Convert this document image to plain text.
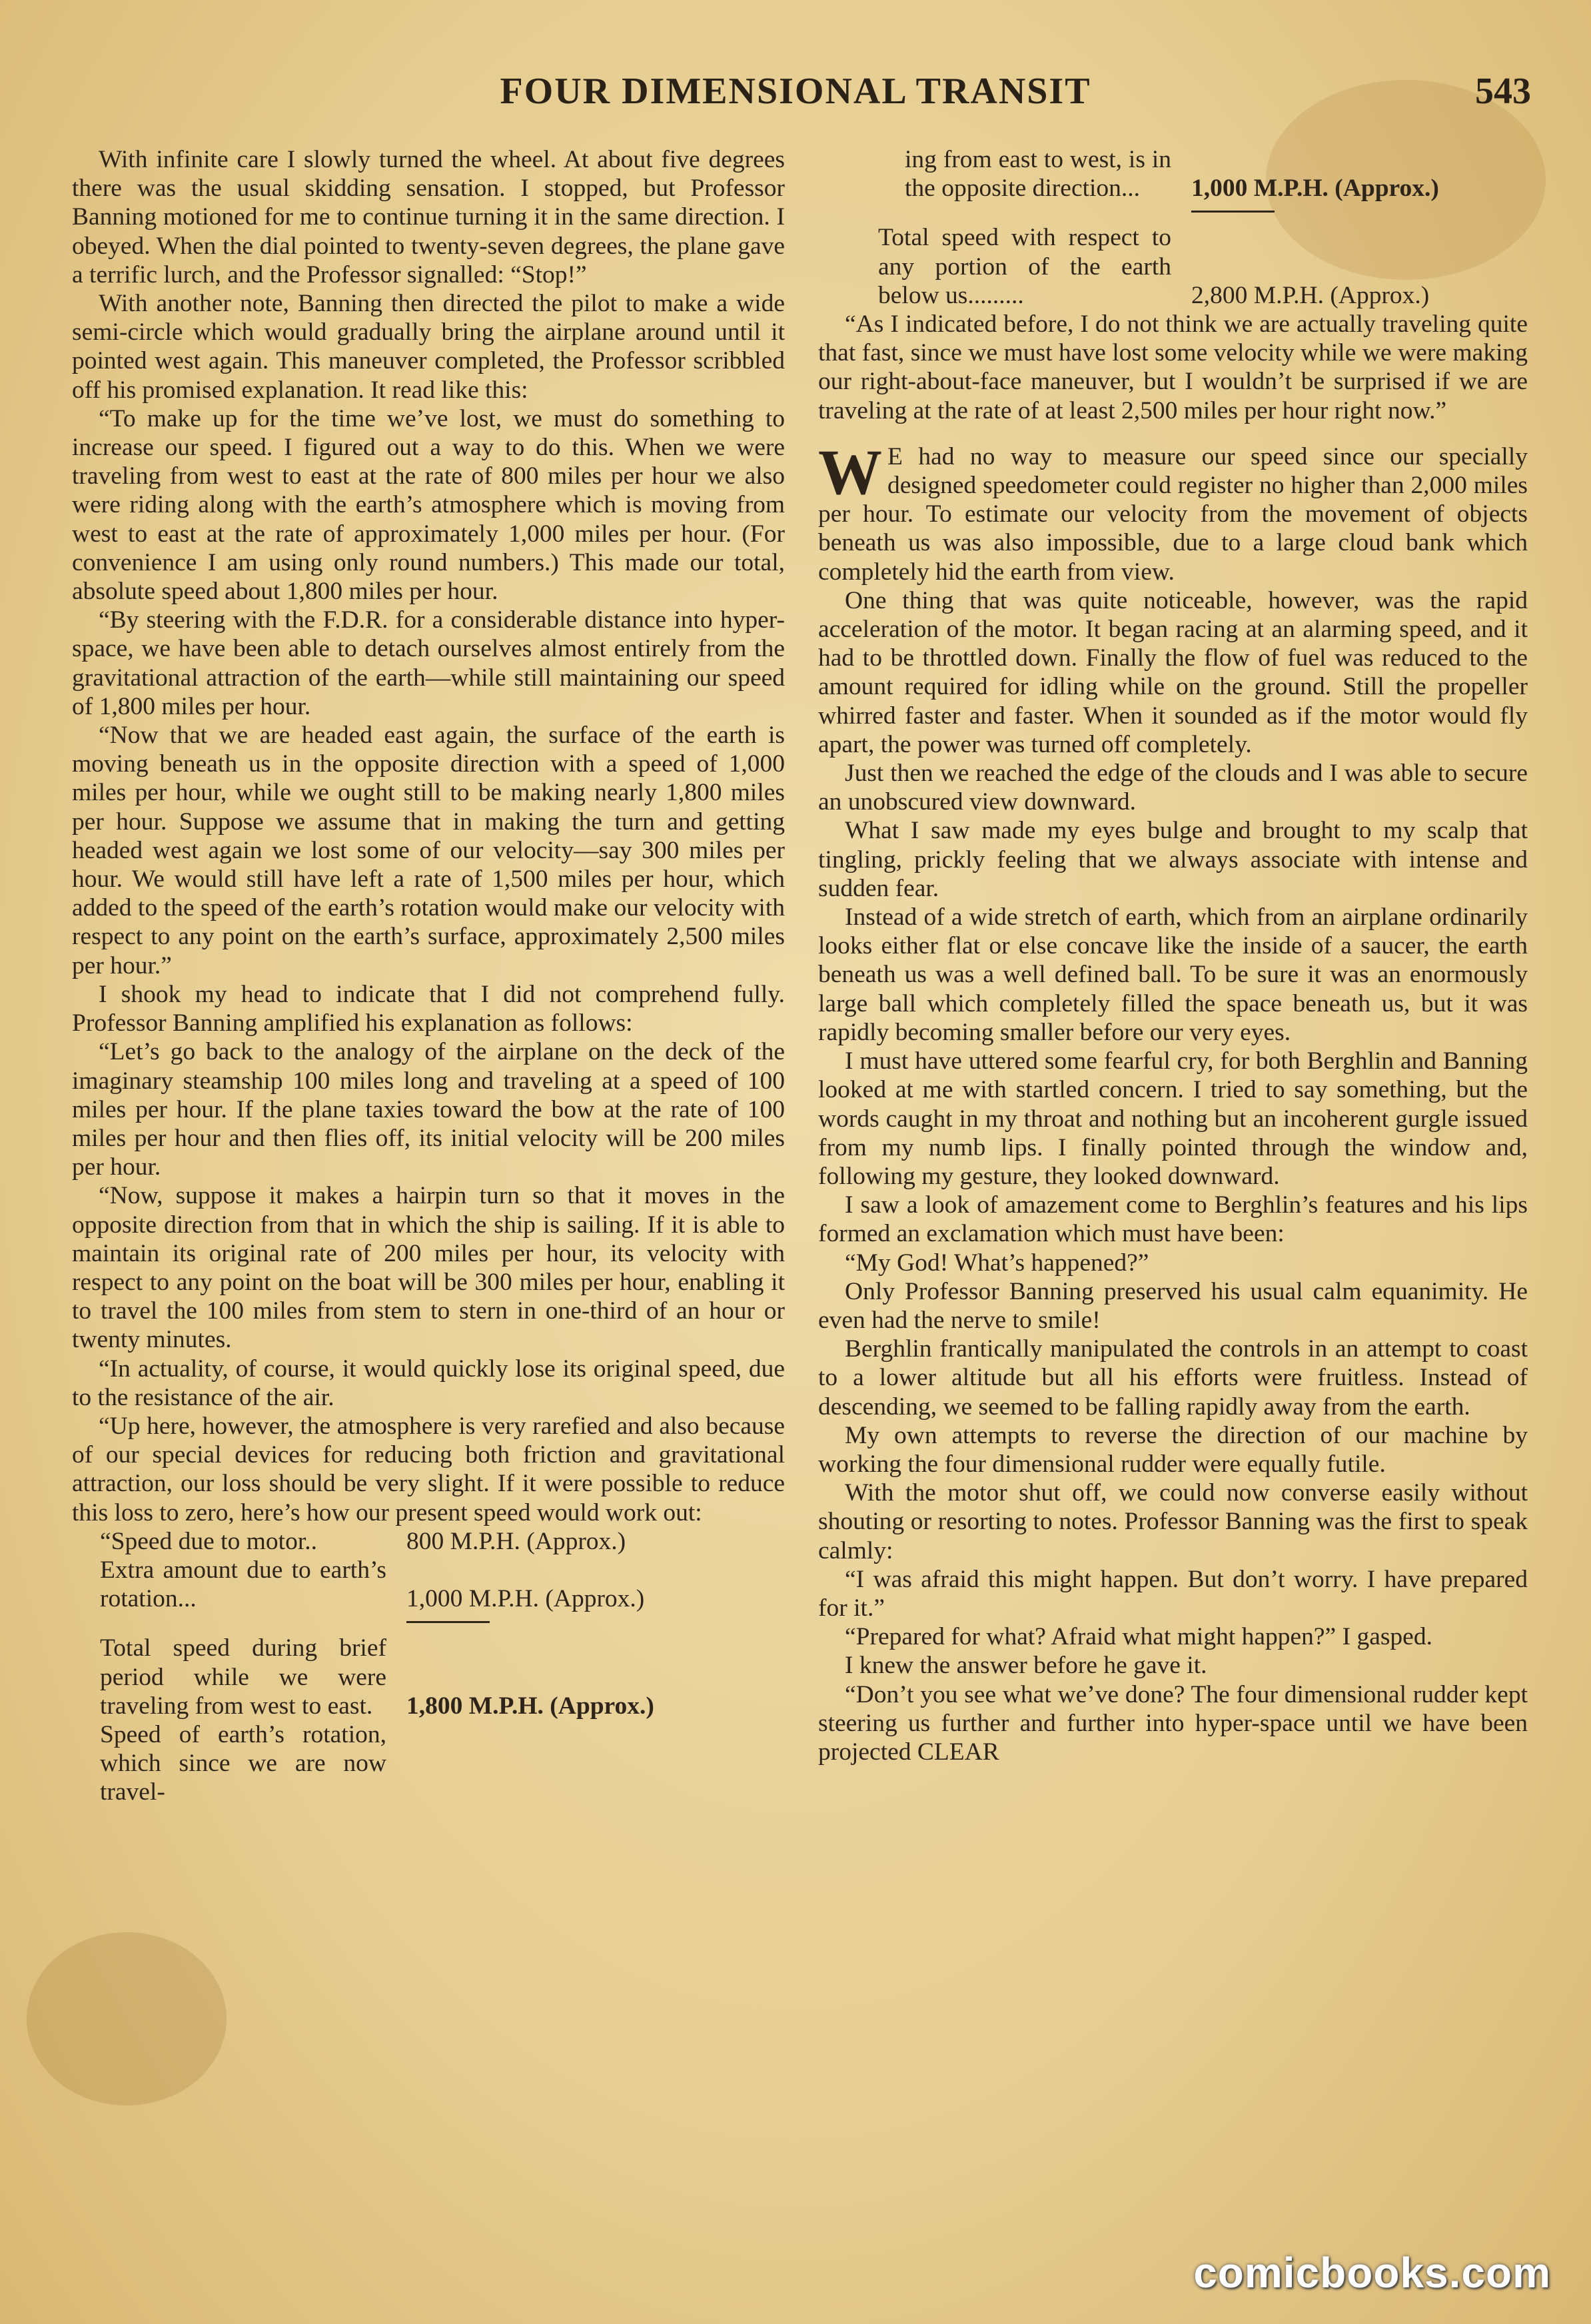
FOUR DIMENSIONAL TRANSIT	543

With infinite care I slowly turned the wheel. At about five degrees there was the usual skidding sensation. I stopped, but Professor Banning motioned for me to continue turning it in the same direction. I obeyed. When the dial pointed to twenty-seven degrees, the plane gave a terrific lurch, and the Professor signalled: “Stop!”

With another note, Banning then directed the pilot to make a wide semi-circle which would gradually bring the airplane around until it pointed west again. This maneuver completed, the Professor scribbled off his promised explanation. It read like this:

“To make up for the time we’ve lost, we must do something to increase our speed. I figured out a way to do this. When we were traveling from west to east at the rate of 800 miles per hour we also were riding along with the earth’s atmosphere which is moving from west to east at the rate of approximately 1,000 miles per hour. (For convenience I am using only round numbers.) This made our total, absolute speed about 1,800 miles per hour.

“By steering with the F.D.R. for a considerable distance into hyper-space, we have been able to detach ourselves almost entirely from the gravitational attraction of the earth—while still maintaining our speed of 1,800 miles per hour.

“Now that we are headed east again, the surface of the earth is moving beneath us in the opposite direction with a speed of 1,000 miles per hour, while we ought still to be making nearly 1,800 miles per hour. Suppose we assume that in making the turn and getting headed west again we lost some of our velocity—say 300 miles per hour. We would still have left a rate of 1,500 miles per hour, which added to the speed of the earth’s rotation would make our velocity with respect to any point on the earth’s surface, approximately 2,500 miles per hour.”

I shook my head to indicate that I did not comprehend fully. Professor Banning amplified his explanation as follows:

“Let’s go back to the analogy of the airplane on the deck of the imaginary steamship 100 miles long and traveling at a speed of 100 miles per hour. If the plane taxies toward the bow at the rate of 100 miles per hour and then flies off, its initial velocity will be 200 miles per hour.

“Now, suppose it makes a hairpin turn so that it moves in the opposite direction from that in which the ship is sailing. If it is able to maintain its original rate of 200 miles per hour, its velocity with respect to any point on the boat will be 300 miles per hour, enabling it to travel the 100 miles from stem to stern in one-third of an hour or twenty minutes.

“In actuality, of course, it would quickly lose its original speed, due to the resistance of the air.

“Up here, however, the atmosphere is very rarefied and also because of our special devices for reducing both friction and gravitational attraction, our loss should be very slight. If it were possible to reduce this loss to zero, here’s how our present speed would work out:

“Speed due to motor..	800 M.P.H. (Approx.)
Extra amount due to earth’s rotation...	1,000 M.P.H. (Approx.)

Total speed during brief period while we were traveling from west to east.	1,800 M.P.H. (Approx.)
Speed of earth’s rotation, which since we are now travel-	
ing from east to west, is in the opposite direction...	1,000 M.P.H. (Approx.)

Total speed with respect to any portion of the earth below us.........	2,800 M.P.H. (Approx.)

“As I indicated before, I do not think we are actually traveling quite that fast, since we must have lost some velocity while we were making our right-about-face maneuver, but I wouldn’t be surprised if we are traveling at the rate of at least 2,500 miles per hour right now.”

W E had no way to measure our speed since our specially designed speedometer could register no higher than 2,000 miles per hour. To estimate our velocity from the movement of objects beneath us was also impossible, due to a large cloud bank which completely hid the earth from view.

One thing that was quite noticeable, however, was the rapid acceleration of the motor. It began racing at an alarming speed, and it had to be throttled down. Finally the flow of fuel was reduced to the amount required for idling while on the ground. Still the propeller whirred faster and faster. When it sounded as if the motor would fly apart, the power was turned off completely.

Just then we reached the edge of the clouds and I was able to secure an unobscured view downward.

What I saw made my eyes bulge and brought to my scalp that tingling, prickly feeling that we always associate with intense and sudden fear.

Instead of a wide stretch of earth, which from an airplane ordinarily looks either flat or else concave like the inside of a saucer, the earth beneath us was a well defined ball. To be sure it was an enormously large ball which completely filled the space beneath us, but it was rapidly becoming smaller before our very eyes.

I must have uttered some fearful cry, for both Berghlin and Banning looked at me with startled concern. I tried to say something, but the words caught in my throat and nothing but an incoherent gurgle issued from my numb lips. I finally pointed through the window and, following my gesture, they looked downward.

I saw a look of amazement come to Berghlin’s features and his lips formed an exclamation which must have been:

“My God! What’s happened?”

Only Professor Banning preserved his usual calm equanimity. He even had the nerve to smile!

Berghlin frantically manipulated the controls in an attempt to coast to a lower altitude but all his efforts were fruitless. Instead of descending, we seemed to be falling rapidly away from the earth.

My own attempts to reverse the direction of our machine by working the four dimensional rudder were equally futile.

With the motor shut off, we could now converse easily without shouting or resorting to notes. Professor Banning was the first to speak calmly:

“I was afraid this might happen. But don’t worry. I have prepared for it.”

“Prepared for what? Afraid what might happen?” I gasped.

I knew the answer before he gave it.

“Don’t you see what we’ve done? The four dimensional rudder kept steering us further and further into hyper-space until we have been projected CLEAR

comicbooks.com
